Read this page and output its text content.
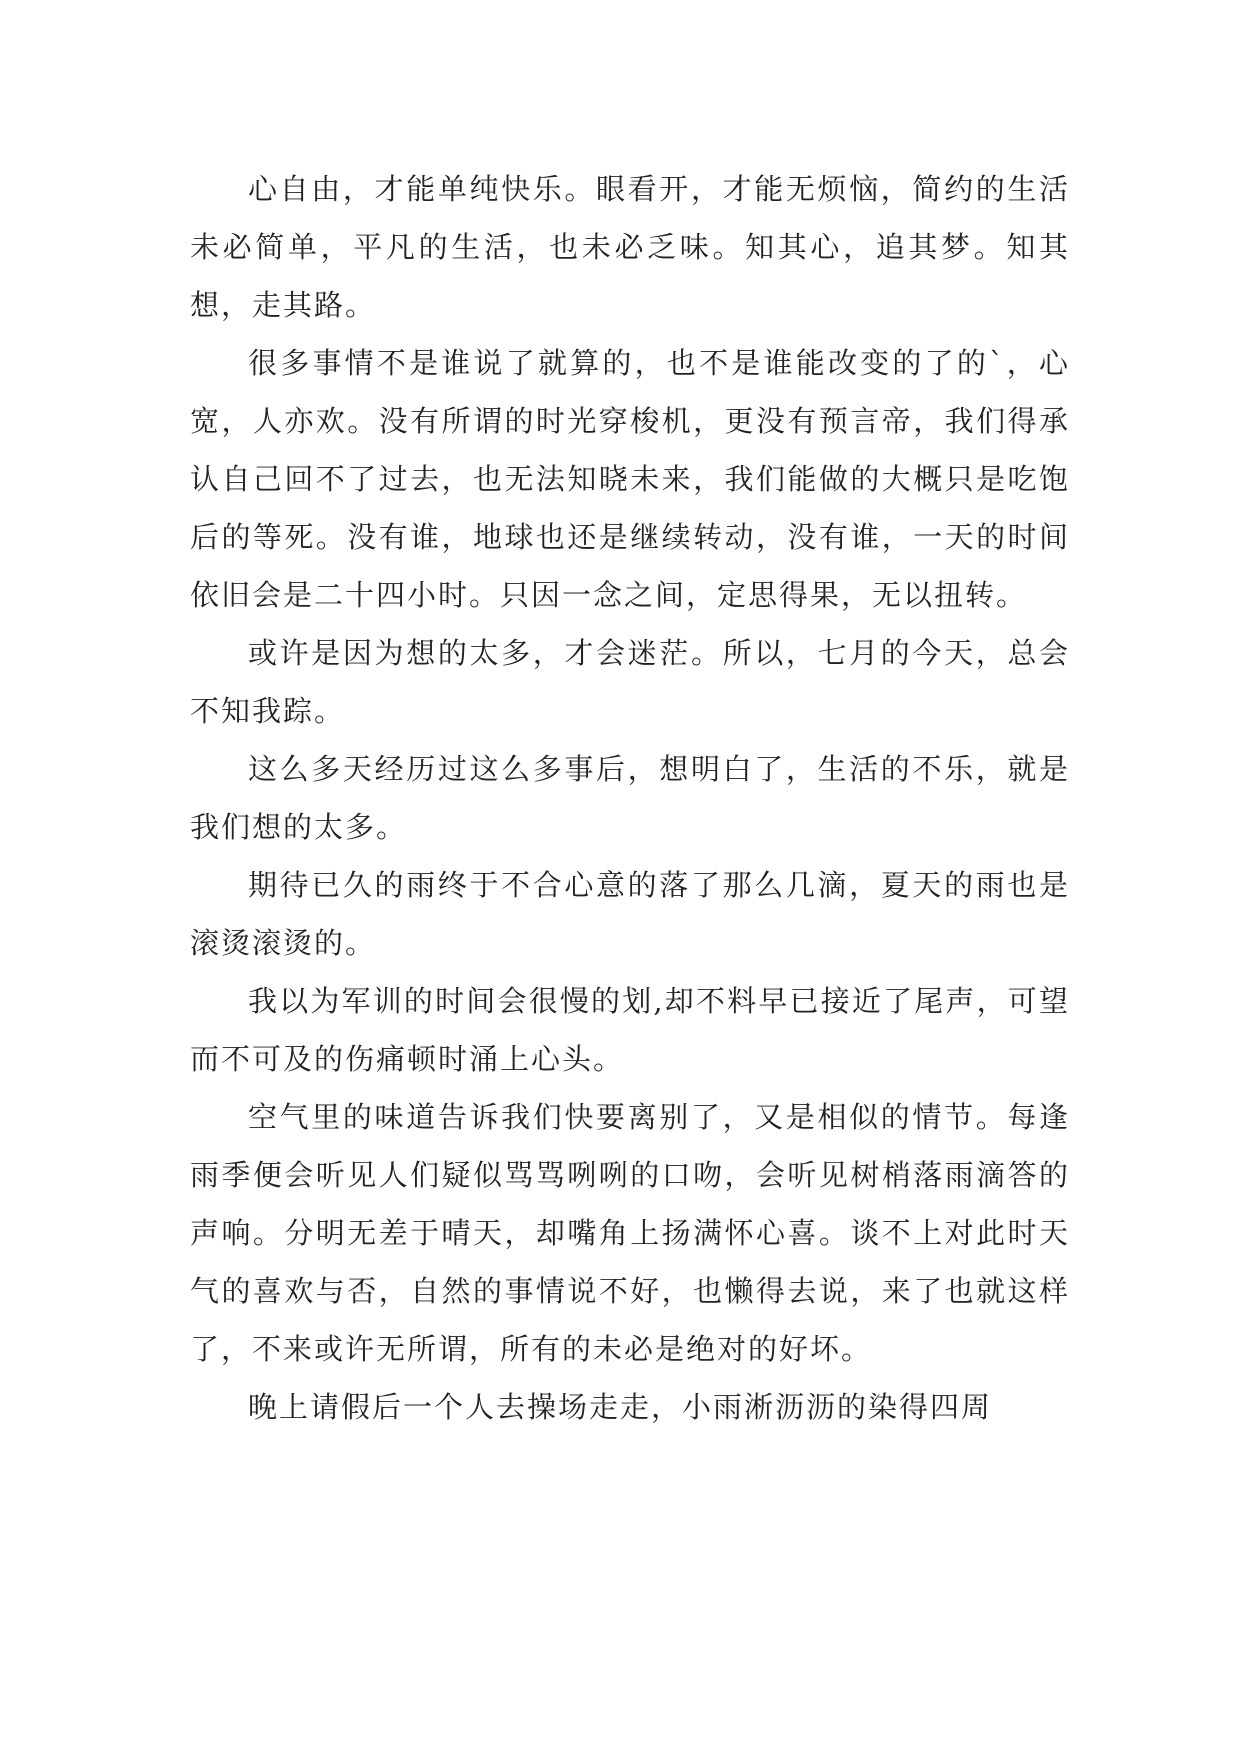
心自由，才能单纯快乐。眼看开，才能无烦恼，简约的生活未必简单，平凡的生活，也未必乏味。知其心，追其梦。知其想，走其路。

很多事情不是谁说了就算的，也不是谁能改变的了的`，心宽，人亦欢。没有所谓的时光穿梭机，更没有预言帝，我们得承认自己回不了过去，也无法知晓未来，我们能做的大概只是吃饱后的等死。没有谁，地球也还是继续转动，没有谁，一天的时间依旧会是二十四小时。只因一念之间，定思得果，无以扭转。

或许是因为想的太多，才会迷茫。所以，七月的今天，总会不知我踪。

这么多天经历过这么多事后，想明白了，生活的不乐，就是我们想的太多。

期待已久的雨终于不合心意的落了那么几滴，夏天的雨也是滚烫滚烫的。

我以为军训的时间会很慢的划,却不料早已接近了尾声，可望而不可及的伤痛顿时涌上心头。

空气里的味道告诉我们快要离别了，又是相似的情节。每逢雨季便会听见人们疑似骂骂咧咧的口吻，会听见树梢落雨滴答的声响。分明无差于晴天，却嘴角上扬满怀心喜。谈不上对此时天气的喜欢与否，自然的事情说不好，也懒得去说，来了也就这样了，不来或许无所谓，所有的未必是绝对的好坏。

晚上请假后一个人去操场走走，小雨淅沥沥的染得四周
